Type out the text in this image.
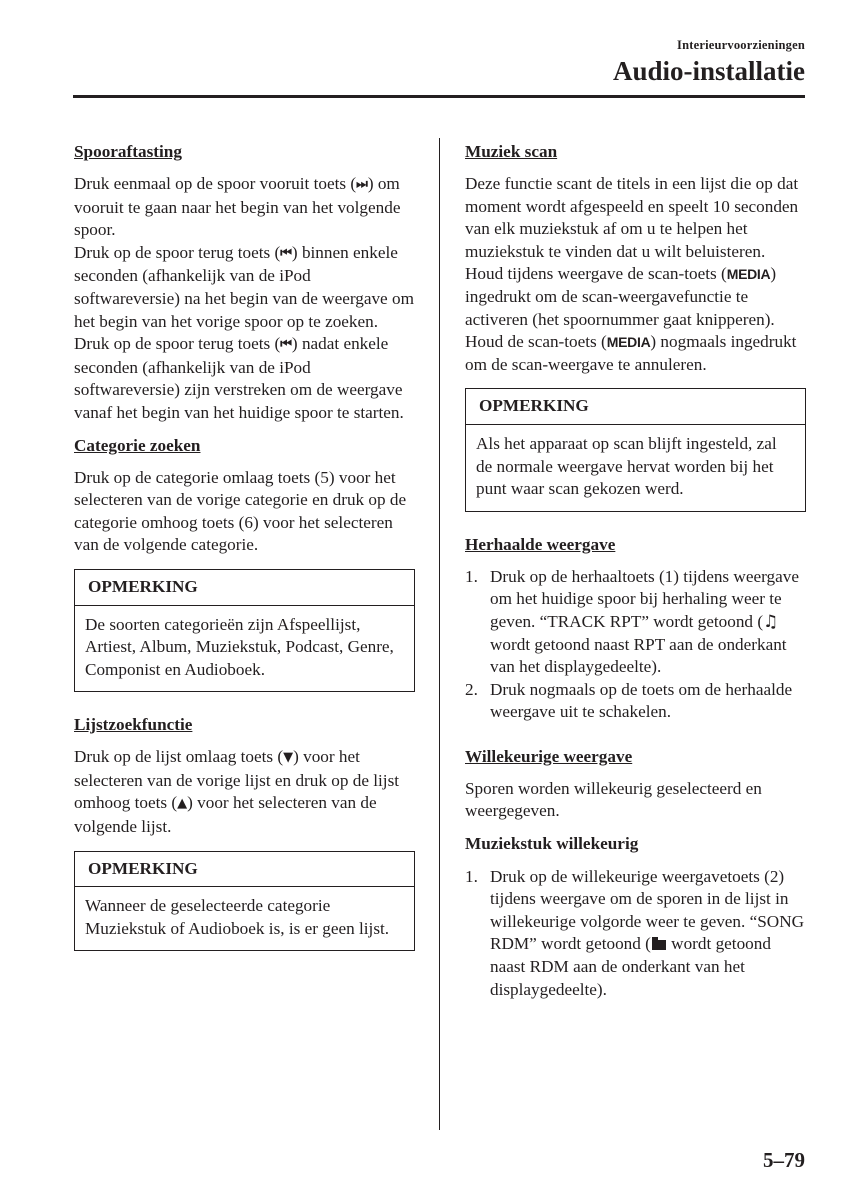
Interieurvoorzieningen
Audio-installatie
Spooraftasting

Druk eenmaal op de spoor vooruit toets (⏭) om vooruit te gaan naar het begin van het volgende spoor.

Druk op de spoor terug toets (⏮) binnen enkele seconden (afhankelijk van de iPod softwareversie) na het begin van de weergave om het begin van het vorige spoor op te zoeken.

Druk op de spoor terug toets (⏮) nadat enkele seconden (afhankelijk van de iPod softwareversie) zijn verstreken om de weergave vanaf het begin van het huidige spoor te starten.

Categorie zoeken

Druk op de categorie omlaag toets (5) voor het selecteren van de vorige categorie en druk op de categorie omhoog toets (6) voor het selecteren van de volgende categorie.

OPMERKING
De soorten categorieën zijn Afspeellijst, Artiest, Album, Muziekstuk, Podcast, Genre, Componist en Audioboek.
Lijstzoekfunctie

Druk op de lijst omlaag toets (▼) voor het selecteren van de vorige lijst en druk op de lijst omhoog toets (▲) voor het selecteren van de volgende lijst.

OPMERKING
Wanneer de geselecteerde categorie Muziekstuk of Audioboek is, is er geen lijst.
Muziek scan

Deze functie scant de titels in een lijst die op dat moment wordt afgespeeld en speelt 10 seconden van elk muziekstuk af om u te helpen het muziekstuk te vinden dat u wilt beluisteren.

Houd tijdens weergave de scan-toets (MEDIA) ingedrukt om de scan-weergavefunctie te activeren (het spoornummer gaat knipperen). Houd de scan-toets (MEDIA) nogmaals ingedrukt om de scan-weergave te annuleren.

OPMERKING
Als het apparaat op scan blijft ingesteld, zal de normale weergave hervat worden bij het punt waar scan gekozen werd.
Herhaalde weergave
1. Druk op de herhaaltoets (1) tijdens weergave om het huidige spoor bij herhaling weer te geven. “TRACK RPT” wordt getoond (♫ wordt getoond naast RPT aan de onderkant van het displaygedeelte).
2. Druk nogmaals op de toets om de herhaalde weergave uit te schakelen.
Willekeurige weergave

Sporen worden willekeurig geselecteerd en weergegeven.

Muziekstuk willekeurig
1. Druk op de willekeurige weergavetoets (2) tijdens weergave om de sporen in de lijst in willekeurige volgorde weer te geven. “SONG RDM” wordt getoond ( wordt getoond naast RDM aan de onderkant van het displaygedeelte).
5–79
